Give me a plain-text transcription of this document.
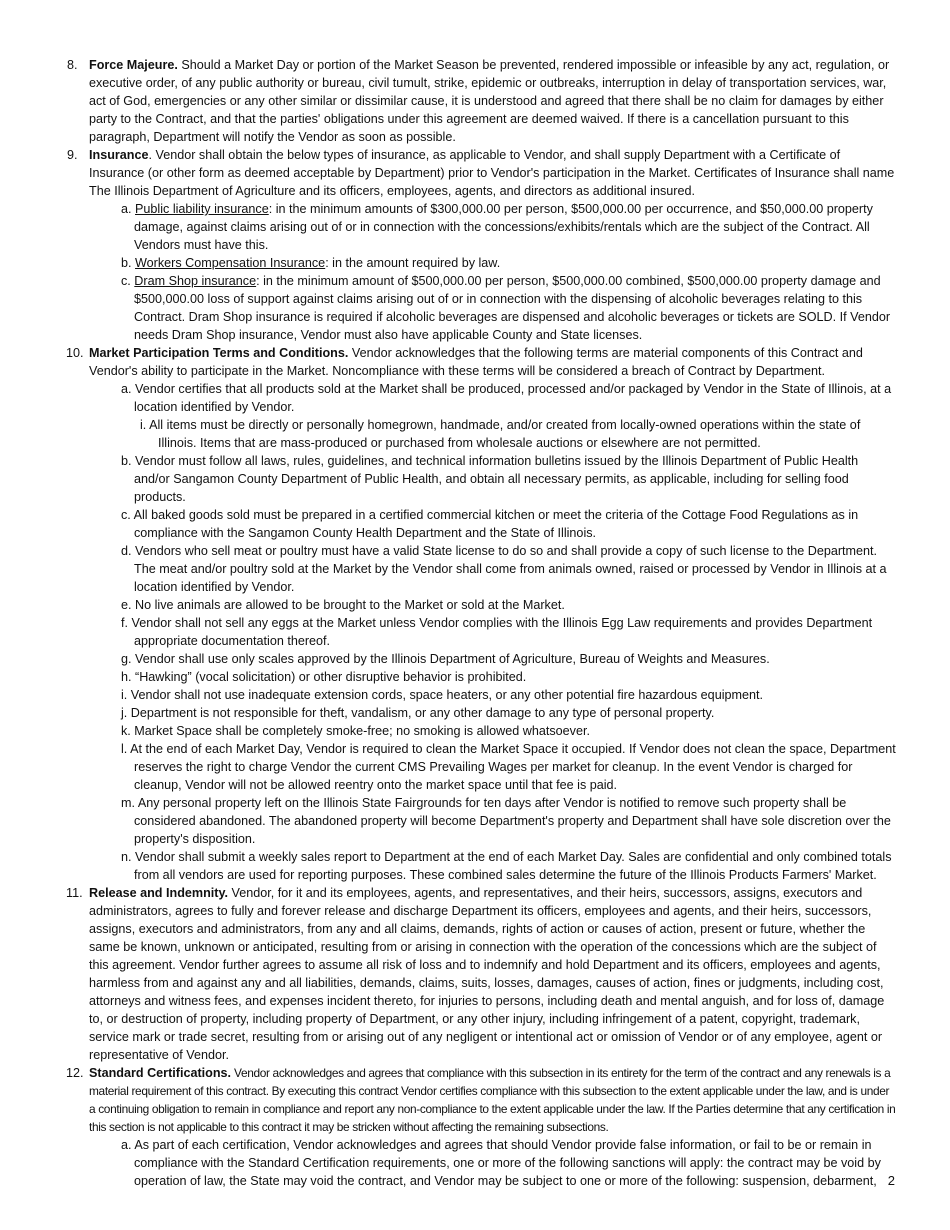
8. Force Majeure. Should a Market Day or portion of the Market Season be prevented, rendered impossible or infeasible by any act, regulation, or executive order, of any public authority or bureau, civil tumult, strike, epidemic or outbreaks, interruption in delay of transportation services, war, act of God, emergencies or any other similar or dissimilar cause, it is understood and agreed that there shall be no claim for damages by either party to the Contract, and that the parties' obligations under this agreement are deemed waived. If there is a cancellation pursuant to this paragraph, Department will notify the Vendor as soon as possible.

9. Insurance. Vendor shall obtain the below types of insurance, as applicable to Vendor, and shall supply Department with a Certificate of Insurance (or other form as deemed acceptable by Department) prior to Vendor's participation in the Market. Certificates of Insurance shall name The Illinois Department of Agriculture and its officers, employees, agents, and directors as additional insured.

a. Public liability insurance: in the minimum amounts of $300,000.00 per person, $500,000.00 per occurrence, and $50,000.00 property damage, against claims arising out of or in connection with the concessions/exhibits/rentals which are the subject of the Contract. All Vendors must have this.

b. Workers Compensation Insurance: in the amount required by law.

c. Dram Shop insurance: in the minimum amount of $500,000.00 per person, $500,000.00 combined, $500,000.00 property damage and $500,000.00 loss of support against claims arising out of or in connection with the dispensing of alcoholic beverages relating to this Contract. Dram Shop insurance is required if alcoholic beverages are dispensed and alcoholic beverages or tickets are SOLD. If Vendor needs Dram Shop insurance, Vendor must also have applicable County and State licenses.

10. Market Participation Terms and Conditions. Vendor acknowledges that the following terms are material components of this Contract and Vendor's ability to participate in the Market. Noncompliance with these terms will be considered a breach of Contract by Department.

a. Vendor certifies that all products sold at the Market shall be produced, processed and/or packaged by Vendor in the State of Illinois, at a location identified by Vendor.

i. All items must be directly or personally homegrown, handmade, and/or created from locally-owned operations within the state of Illinois. Items that are mass-produced or purchased from wholesale auctions or elsewhere are not permitted.

b. Vendor must follow all laws, rules, guidelines, and technical information bulletins issued by the Illinois Department of Public Health and/or Sangamon County Department of Public Health, and obtain all necessary permits, as applicable, including for selling food products.

c. All baked goods sold must be prepared in a certified commercial kitchen or meet the criteria of the Cottage Food Regulations as in compliance with the Sangamon County Health Department and the State of Illinois.

d. Vendors who sell meat or poultry must have a valid State license to do so and shall provide a copy of such license to the Department. The meat and/or poultry sold at the Market by the Vendor shall come from animals owned, raised or processed by Vendor in Illinois at a location identified by Vendor.

e. No live animals are allowed to be brought to the Market or sold at the Market.

f. Vendor shall not sell any eggs at the Market unless Vendor complies with the Illinois Egg Law requirements and provides Department appropriate documentation thereof.

g. Vendor shall use only scales approved by the Illinois Department of Agriculture, Bureau of Weights and Measures.

h. “Hawking” (vocal solicitation) or other disruptive behavior is prohibited.

i. Vendor shall not use inadequate extension cords, space heaters, or any other potential fire hazardous equipment.

j. Department is not responsible for theft, vandalism, or any other damage to any type of personal property.

k. Market Space shall be completely smoke-free; no smoking is allowed whatsoever.

l. At the end of each Market Day, Vendor is required to clean the Market Space it occupied. If Vendor does not clean the space, Department reserves the right to charge Vendor the current CMS Prevailing Wages per market for cleanup. In the event Vendor is charged for cleanup, Vendor will not be allowed reentry onto the market space until that fee is paid.

m. Any personal property left on the Illinois State Fairgrounds for ten days after Vendor is notified to remove such property shall be considered abandoned. The abandoned property will become Department's property and Department shall have sole discretion over the property's disposition.

n. Vendor shall submit a weekly sales report to Department at the end of each Market Day. Sales are confidential and only combined totals from all vendors are used for reporting purposes. These combined sales determine the future of the Illinois Products Farmers' Market.

11. Release and Indemnity. Vendor, for it and its employees, agents, and representatives, and their heirs, successors, assigns, executors and administrators, agrees to fully and forever release and discharge Department its officers, employees and agents, and their heirs, successors, assigns, executors and administrators, from any and all claims, demands, rights of action or causes of action, present or future, whether the same be known, unknown or anticipated, resulting from or arising in connection with the operation of the concessions which are the subject of this agreement. Vendor further agrees to assume all risk of loss and to indemnify and hold Department and its officers, employees and agents, harmless from and against any and all liabilities, demands, claims, suits, losses, damages, causes of action, fines or judgments, including cost, attorneys and witness fees, and expenses incident thereto, for injuries to persons, including death and mental anguish, and for loss of, damage to, or destruction of property, including property of Department, or any other injury, including infringement of a patent, copyright, trademark, service mark or trade secret, resulting from or arising out of any negligent or intentional act or omission of Vendor or of any employee, agent or representative of Vendor.

12. Standard Certifications. Vendor acknowledges and agrees that compliance with this subsection in its entirety for the term of the contract and any renewals is a material requirement of this contract. By executing this contract Vendor certifies compliance with this subsection to the extent applicable under the law, and is under a continuing obligation to remain in compliance and report any non-compliance to the extent applicable under the law. If the Parties determine that any certification in this section is not applicable to this contract it may be stricken without affecting the remaining subsections.

a. As part of each certification, Vendor acknowledges and agrees that should Vendor provide false information, or fail to be or remain in compliance with the Standard Certification requirements, one or more of the following sanctions will apply: the contract may be void by operation of law, the State may void the contract, and Vendor may be subject to one or more of the following: suspension, debarment, 2
